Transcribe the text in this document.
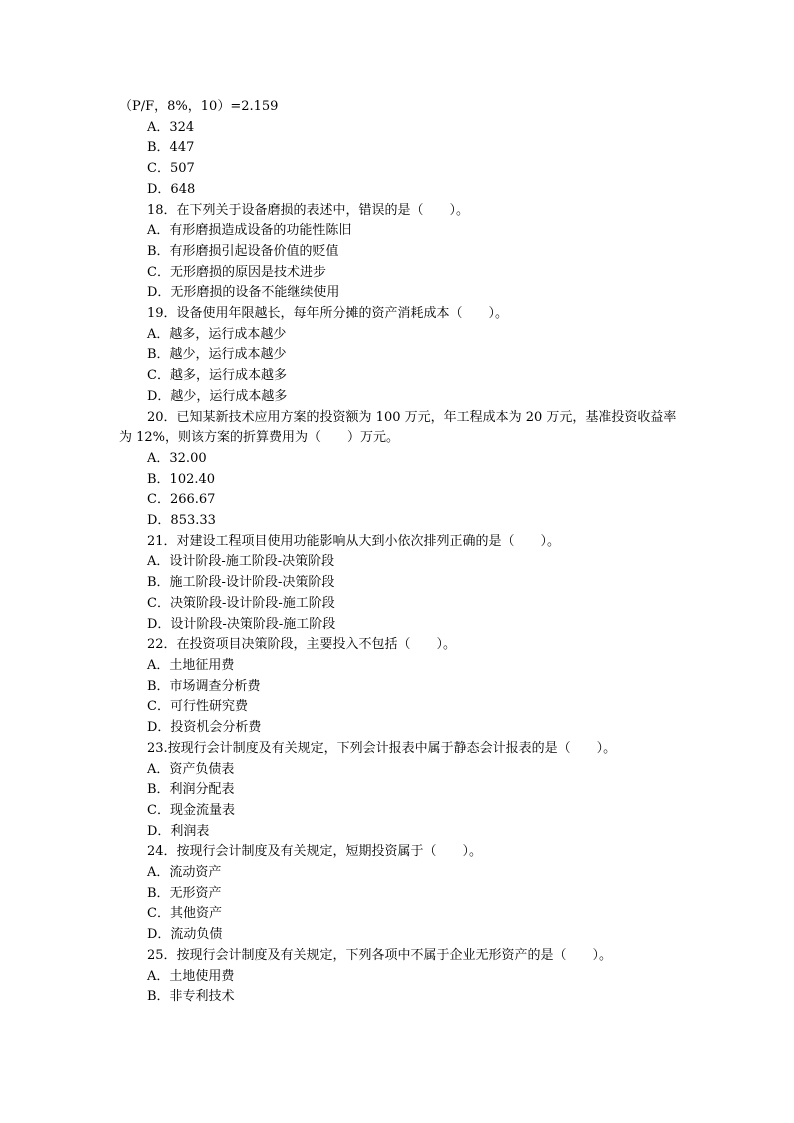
（P/F，8%，10）=2.159
A．324
B．447
C．507
D．648
18．在下列关于设备磨损的表述中，错误的是（　　）。
A．有形磨损造成设备的功能性陈旧
B．有形磨损引起设备价值的贬值
C．无形磨损的原因是技术进步
D．无形磨损的设备不能继续使用
19．设备使用年限越长，每年所分摊的资产消耗成本（　　）。
A．越多，运行成本越少
B．越少，运行成本越少
C．越多，运行成本越多
D．越少，运行成本越多
20．已知某新技术应用方案的投资额为 100 万元，年工程成本为 20 万元，基准投资收益率为 12%，则该方案的折算费用为（　　）万元。
A．32.00
B．102.40
C．266.67
D．853.33
21．对建设工程项目使用功能影响从大到小依次排列正确的是（　　）。
A．设计阶段-施工阶段-决策阶段
B．施工阶段-设计阶段-决策阶段
C．决策阶段-设计阶段-施工阶段
D．设计阶段-决策阶段-施工阶段
22．在投资项目决策阶段，主要投入不包括（　　）。
A．土地征用费
B．市场调查分析费
C．可行性研究费
D．投资机会分析费
23.按现行会计制度及有关规定，下列会计报表中属于静态会计报表的是（　　）。
A．资产负债表
B．利润分配表
C．现金流量表
D．利润表
24．按现行会计制度及有关规定，短期投资属于（　　）。
A．流动资产
B．无形资产
C．其他资产
D．流动负债
25．按现行会计制度及有关规定，下列各项中不属于企业无形资产的是（　　）。
A．土地使用费
B．非专利技术
